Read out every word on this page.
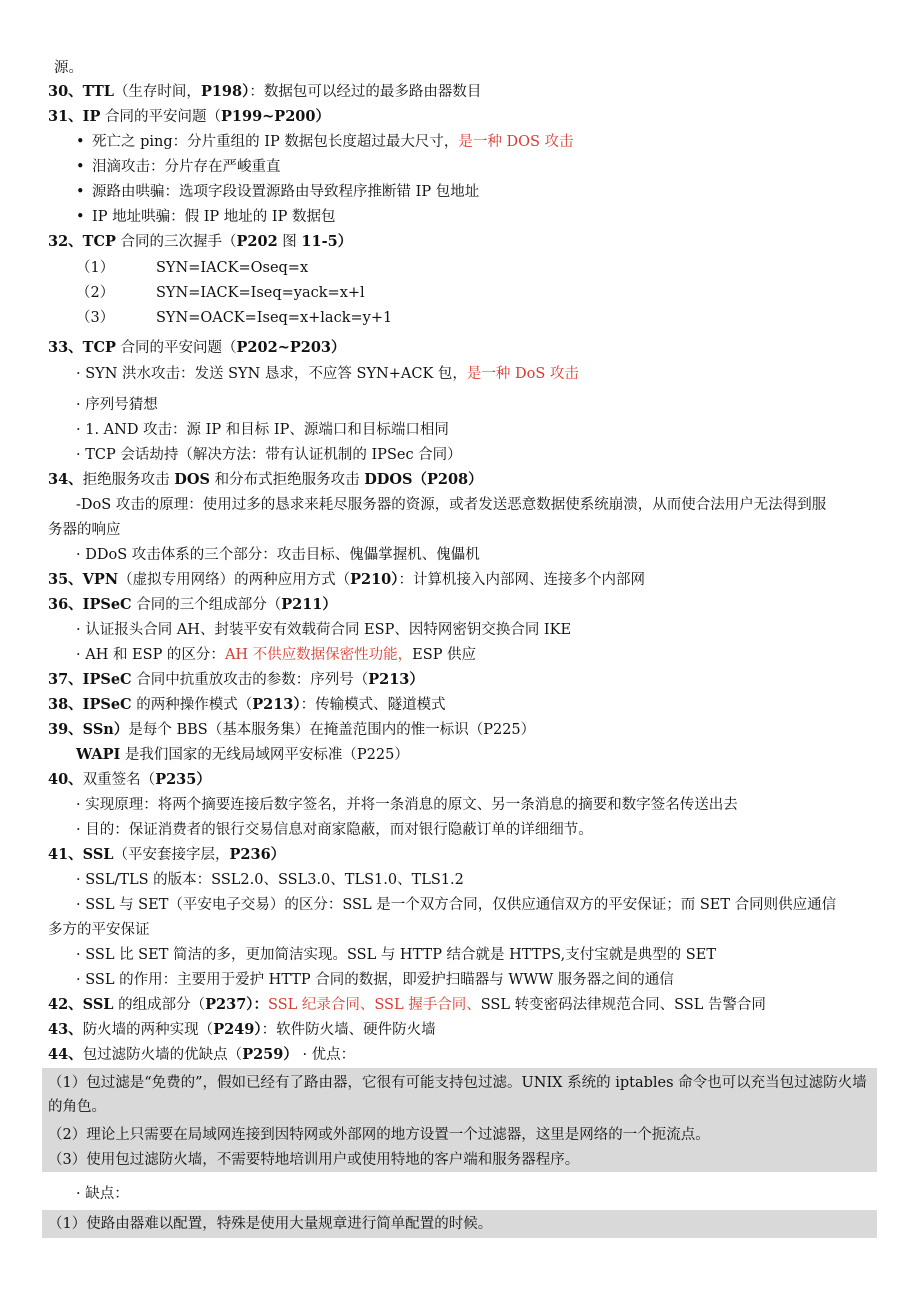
源。
30、TTL（生存时间，P198）：数据包可以经过的最多路由器数目
31、IP 合同的平安问题（P199~P200）
• 死亡之 ping：分片重组的 IP 数据包长度超过最大尺寸，是一种 DOS 攻击
• 泪滴攻击：分片存在严峻重直
• 源路由哄骗：选项字段设置源路由导致程序推断错 IP 包地址
• IP 地址哄骗：假 IP 地址的 IP 数据包
32、TCP 合同的三次握手（P202 图 11-5）
（1）	SYN=IACK=Oseq=x
（2）	SYN=IACK=Iseq=yack=x+l
（3）	SYN=OACK=Iseq=x+lack=y+1
33、TCP 合同的平安问题（P202~P203）
· SYN 洪水攻击：发送 SYN 恳求，不应答 SYN+ACK 包，是一种 DoS 攻击
· 序列号猜想
· 1. AND 攻击：源 IP 和目标 IP、源端口和目标端口相同
· TCP 会话劫持（解决方法：带有认证机制的 IPSec 合同）
34、拒绝服务攻击 DOS 和分布式拒绝服务攻击 DDOS（P208）
-DoS 攻击的原理：使用过多的恳求来耗尽服务器的资源，或者发送恶意数据使系统崩溃，从而使合法用户无法得到服
务器的响应
· DDoS 攻击体系的三个部分：攻击目标、傀儡掌握机、傀儡机
35、VPN（虚拟专用网络）的两种应用方式（P210）：计算机接入内部网、连接多个内部网
36、IPSeC 合同的三个组成部分（P211）
· 认证报头合同 AH、封装平安有效载荷合同 ESP、因特网密钥交换合同 IKE
· AH 和 ESP 的区分：AH 不供应数据保密性功能，ESP 供应
37、IPSeC 合同中抗重放攻击的参数：序列号（P213）
38、IPSeC 的两种操作模式（P213）：传输模式、隧道模式
39、SSn）是每个 BBS（基本服务集）在掩盖范围内的惟一标识（P225）
WAPI 是我们国家的无线局域网平安标准（P225）
40、双重签名（P235）
· 实现原理：将两个摘要连接后数字签名，并将一条消息的原文、另一条消息的摘要和数字签名传送出去
· 目的：保证消费者的银行交易信息对商家隐蔽，而对银行隐蔽订单的详细细节。
41、SSL（平安套接字层，P236）
· SSL/TLS 的版本：SSL2.0、SSL3.0、TLS1.0、TLS1.2
· SSL 与 SET（平安电子交易）的区分：SSL 是一个双方合同，仅供应通信双方的平安保证；而 SET 合同则供应通信
多方的平安保证
· SSL 比 SET 简洁的多，更加简洁实现。SSL 与 HTTP 结合就是 HTTPS,支付宝就是典型的 SET
· SSL 的作用：主要用于爱护 HTTP 合同的数据，即爱护扫瞄器与 WWW 服务器之间的通信
42、SSL 的组成部分（P237）：SSL 纪录合同、SSL 握手合同、SSL 转变密码法律规范合同、SSL 告警合同
43、防火墙的两种实现（P249）：软件防火墙、硬件防火墙
44、包过滤防火墙的优缺点（P259） · 优点：
（1）包过滤是“免费的”，假如已经有了路由器，它很有可能支持包过滤。UNIX 系统的 iptables 命令也可以充当包过滤防火墙的角色。
（2）理论上只需要在局域网连接到因特网或外部网的地方设置一个过滤器，这里是网络的一个扼流点。
（3）使用包过滤防火墙，不需要特地培训用户或使用特地的客户端和服务器程序。
· 缺点：
（1）使路由器难以配置，特殊是使用大量规章进行简单配置的时候。
